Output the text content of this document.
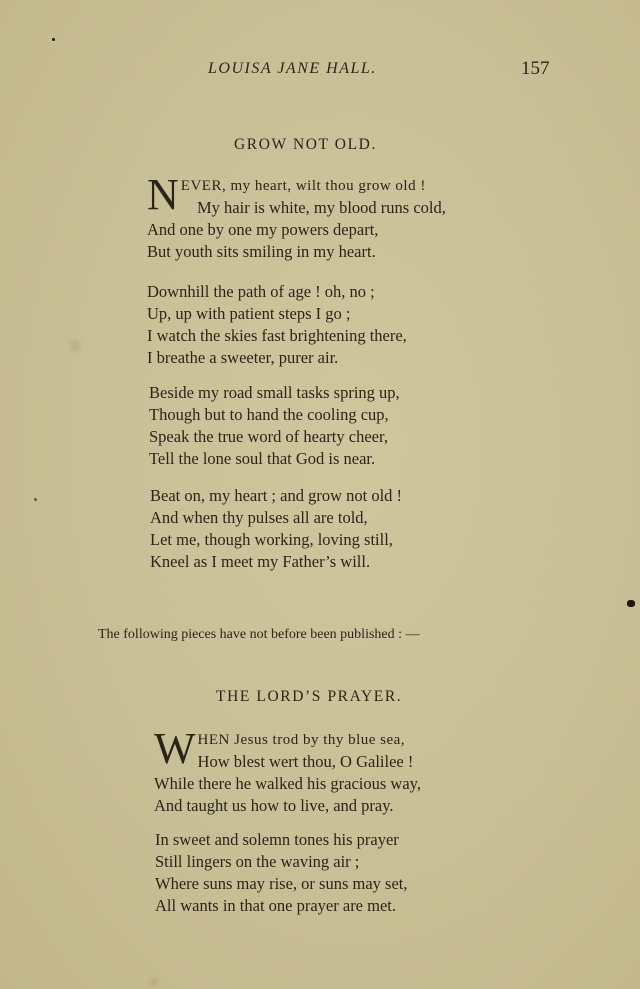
LOUISA JANE HALL.	157
GROW NOT OLD.
N EVER, my heart, wilt thou grow old !
My hair is white, my blood runs cold,
And one by one my powers depart,
But youth sits smiling in my heart.
Downhill the path of age ! oh, no ;
Up, up with patient steps I go ;
I watch the skies fast brightening there,
I breathe a sweeter, purer air.
Beside my road small tasks spring up,
Though but to hand the cooling cup,
Speak the true word of hearty cheer,
Tell the lone soul that God is near.
Beat on, my heart ; and grow not old !
And when thy pulses all are told,
Let me, though working, loving still,
Kneel as I meet my Father’s will.
The following pieces have not before been published : —
THE LORD’S PRAYER.
W HEN Jesus trod by thy blue sea,
How blest wert thou, O Galilee !
While there he walked his gracious way,
And taught us how to live, and pray.
In sweet and solemn tones his prayer
Still lingers on the waving air ;
Where suns may rise, or suns may set,
All wants in that one prayer are met.
